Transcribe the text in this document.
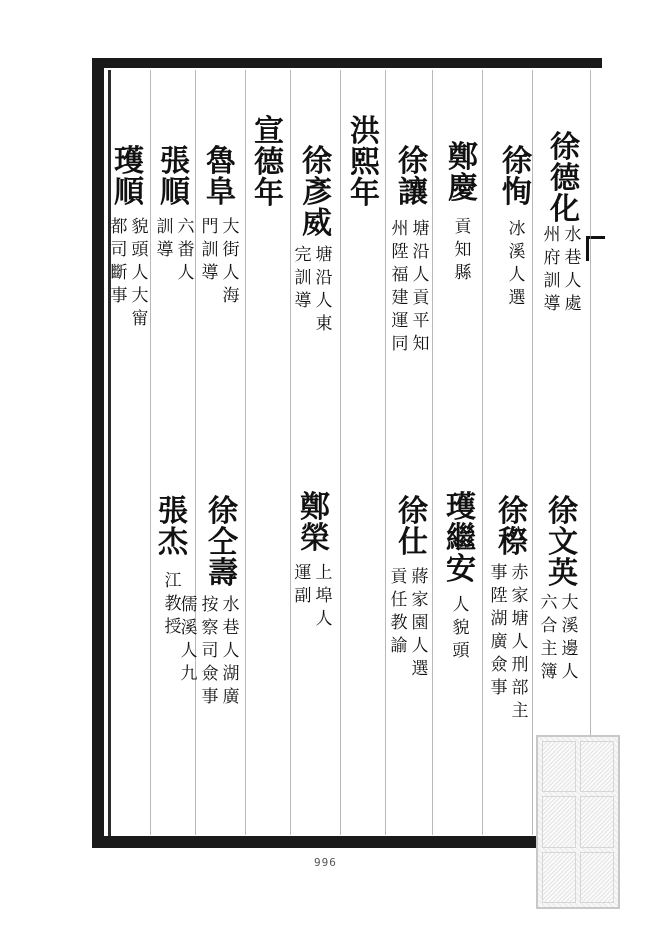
徐
德
化
水
巷
人
處
州
府
訓
導
徐
恂
冰
溪
人
選
鄭
慶
貢
知
縣
徐
讓
塘
沿
人
貢
平
知
州
陞
福
建
運
同
洪
熙
年
徐
彥
威
塘
沿
人
東
完
訓
導
宣
德
年
魯
阜
大
街
人
海
門
訓
導
張
順
六
畨
人
訓
導
瓁
順
貌
頭
人
大
甯
都
司
斷
事
徐
文
英
大
溪
邊
人
六
合
主
簿
徐
穄
赤
家
塘
人
刑
部
主
事
陞
湖
廣
僉
事
瓁
繼
安
人
貌
頭
徐
仕
蔣
家
園
人
選
貢
任
教
諭
鄭
榮
上
埠
人
運
副
徐
仝
壽
水
巷
人
湖
廣
按
察
司
僉
事
儒
溪
人
九
張
杰
江
教
授
996
